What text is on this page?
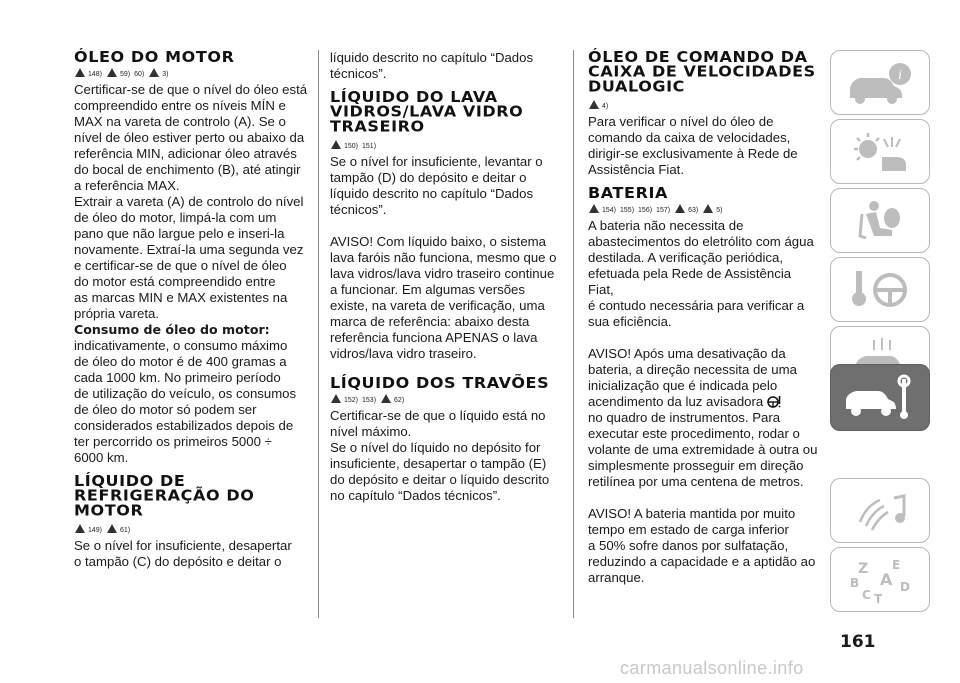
ÓLEO DO MOTOR
148)	59) 60)	3)

Certificar-se de que o nível do óleo está

compreendido entre os níveis MÍN e

MAX na vareta de controlo (A). Se o

nível de óleo estiver perto ou abaixo da

referência MIN, adicionar óleo através

do bocal de enchimento (B), até atingir

a referência MAX.

Extrair a vareta (A) de controlo do nível

de óleo do motor, limpá-la com um

pano que não largue pelo e inseri-la

novamente. Extraí-la uma segunda vez

e certificar-se de que o nível de óleo

do motor está compreendido entre

as marcas MIN e MAX existentes na

própria vareta.

Consumo de óleo do motor:

indicativamente, o consumo máximo

de óleo do motor é de 400 gramas a

cada 1000 km. No primeiro período

de utilização do veículo, os consumos

de óleo do motor só podem ser

considerados estabilizados depois de

ter percorrido os primeiros 5000 ÷

6000 km.

LÍQUIDO DE
REFRIGERAÇÃO DO
MOTOR
149)	61)

Se o nível for insuficiente, desapertar

o tampão (C) do depósito e deitar o

líquido descrito no capítulo “Dados

técnicos”.

LÍQUIDO DO LAVA
VIDROS/LAVA VIDRO
TRASEIRO
150) 151)

Se o nível for insuficiente, levantar o

tampão (D) do depósito e deitar o

líquido descrito no capítulo “Dados

técnicos”.

AVISO! Com líquido baixo, o sistema

lava faróis não funciona, mesmo que o

lava vidros/lava vidro traseiro continue

a funcionar. Em algumas versões

existe, na vareta de verificação, uma

marca de referência: abaixo desta

referência funciona APENAS o lava

vidros/lava vidro traseiro.

LÍQUIDO DOS TRAVÕES
152) 153)	62)

Certificar-se de que o líquido está no

nível máximo.

Se o nível do líquido no depósito for

insuficiente, desapertar o tampão (E)

do depósito e deitar o líquido descrito

no capítulo “Dados técnicos”.

ÓLEO DE COMANDO DA
CAIXA DE VELOCIDADES
DUALOGIC
4)

Para verificar o nível do óleo de

comando da caixa de velocidades,

dirigir-se exclusivamente à Rede de

Assistência Fiat.

BATERIA
154) 155) 156) 157)	63)	5)

A bateria não necessita de

abastecimentos do eletrólito com água

destilada. A verificação periódica,

efetuada pela Rede de Assistência Fiat,

é contudo necessária para verificar a

sua eficiência.

AVISO! Após uma desativação da

bateria, a direção necessita de uma

inicialização que é indicada pelo

acendimento da luz avisadora

no quadro de instrumentos. Para

executar este procedimento, rodar o

volante de uma extremidade à outra ou

simplesmente prosseguir em direção

retilínea por uma centena de metros.

AVISO! A bateria mantida por muito

tempo em estado de carga inferior

a 50% sofre danos por sulfatação,

reduzindo a capacidade e a aptidão ao

arranque.

i
Z E
B A
C T
D
161
carmanualsonline.info
